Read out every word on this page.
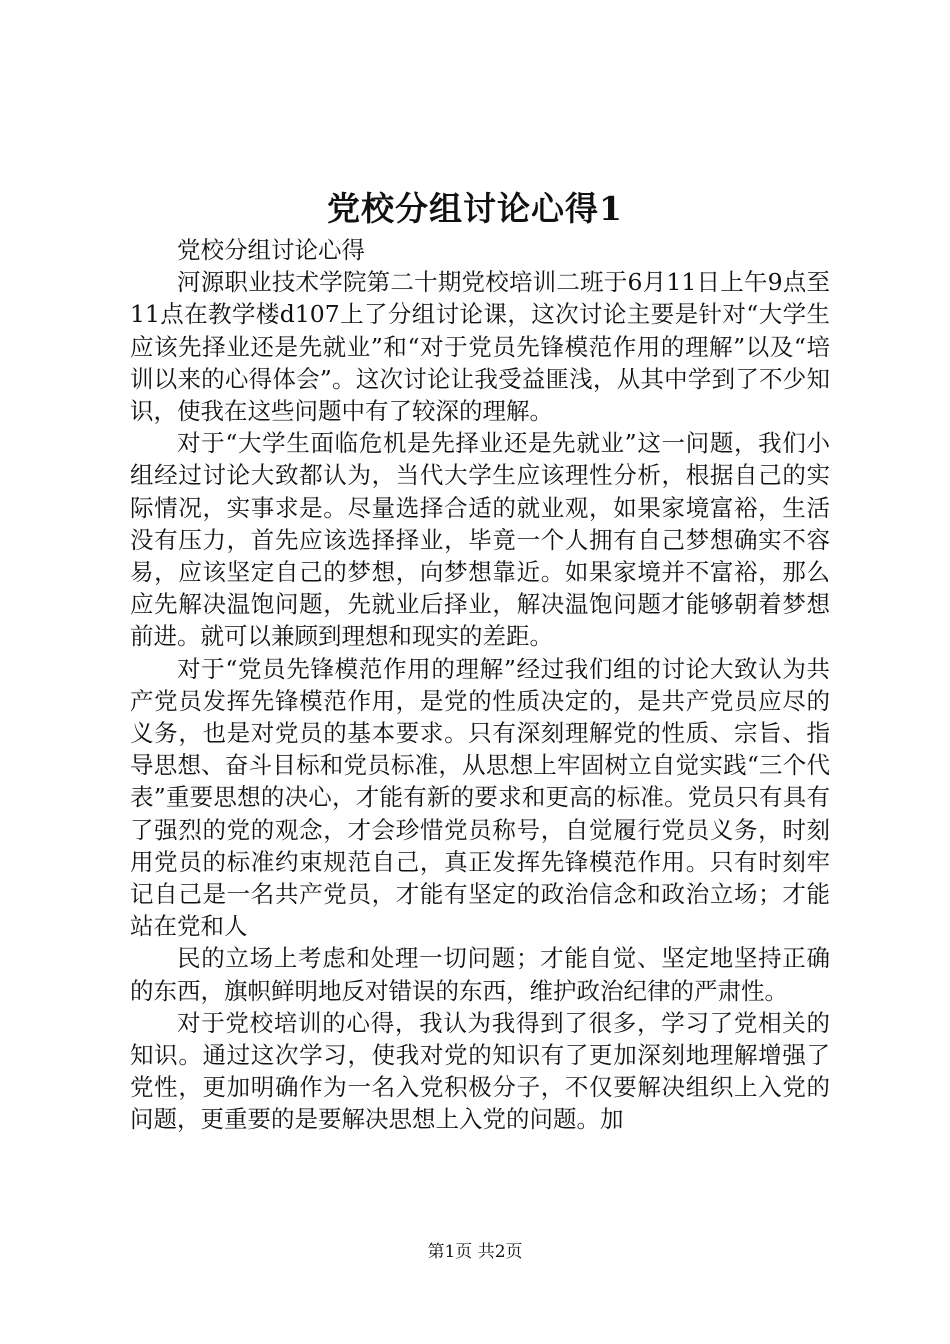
党校分组讨论心得1

党校分组讨论心得

河源职业技术学院第二十期党校培训二班于6月11日上午9点至11点在教学楼d107上了分组讨论课，这次讨论主要是针对“大学生应该先择业还是先就业”和“对于党员先锋模范作用的理解”以及“培训以来的心得体会”。这次讨论让我受益匪浅，从其中学到了不少知识，使我在这些问题中有了较深的理解。

对于“大学生面临危机是先择业还是先就业”这一问题，我们小组经过讨论大致都认为，当代大学生应该理性分析，根据自己的实际情况，实事求是。尽量选择合适的就业观，如果家境富裕，生活没有压力，首先应该选择择业，毕竟一个人拥有自己梦想确实不容易，应该坚定自己的梦想，向梦想靠近。如果家境并不富裕，那么应先解决温饱问题，先就业后择业，解决温饱问题才能够朝着梦想前进。就可以兼顾到理想和现实的差距。

对于“党员先锋模范作用的理解”经过我们组的讨论大致认为共产党员发挥先锋模范作用，是党的性质决定的，是共产党员应尽的义务，也是对党员的基本要求。只有深刻理解党的性质、宗旨、指导思想、奋斗目标和党员标准，从思想上牢固树立自觉实践“三个代表”重要思想的决心，才能有新的要求和更高的标准。党员只有具有了强烈的党的观念，才会珍惜党员称号，自觉履行党员义务，时刻用党员的标准约束规范自己，真正发挥先锋模范作用。只有时刻牢记自己是一名共产党员，才能有坚定的政治信念和政治立场；才能站在党和人

民的立场上考虑和处理一切问题；才能自觉、坚定地坚持正确的东西，旗帜鲜明地反对错误的东西，维护政治纪律的严肃性。

对于党校培训的心得，我认为我得到了很多，学习了党相关的知识。通过这次学习，使我对党的知识有了更加深刻地理解增强了党性，更加明确作为一名入党积极分子，不仅要解决组织上入党的问题，更重要的是要解决思想上入党的问题。加

第1页 共2页
